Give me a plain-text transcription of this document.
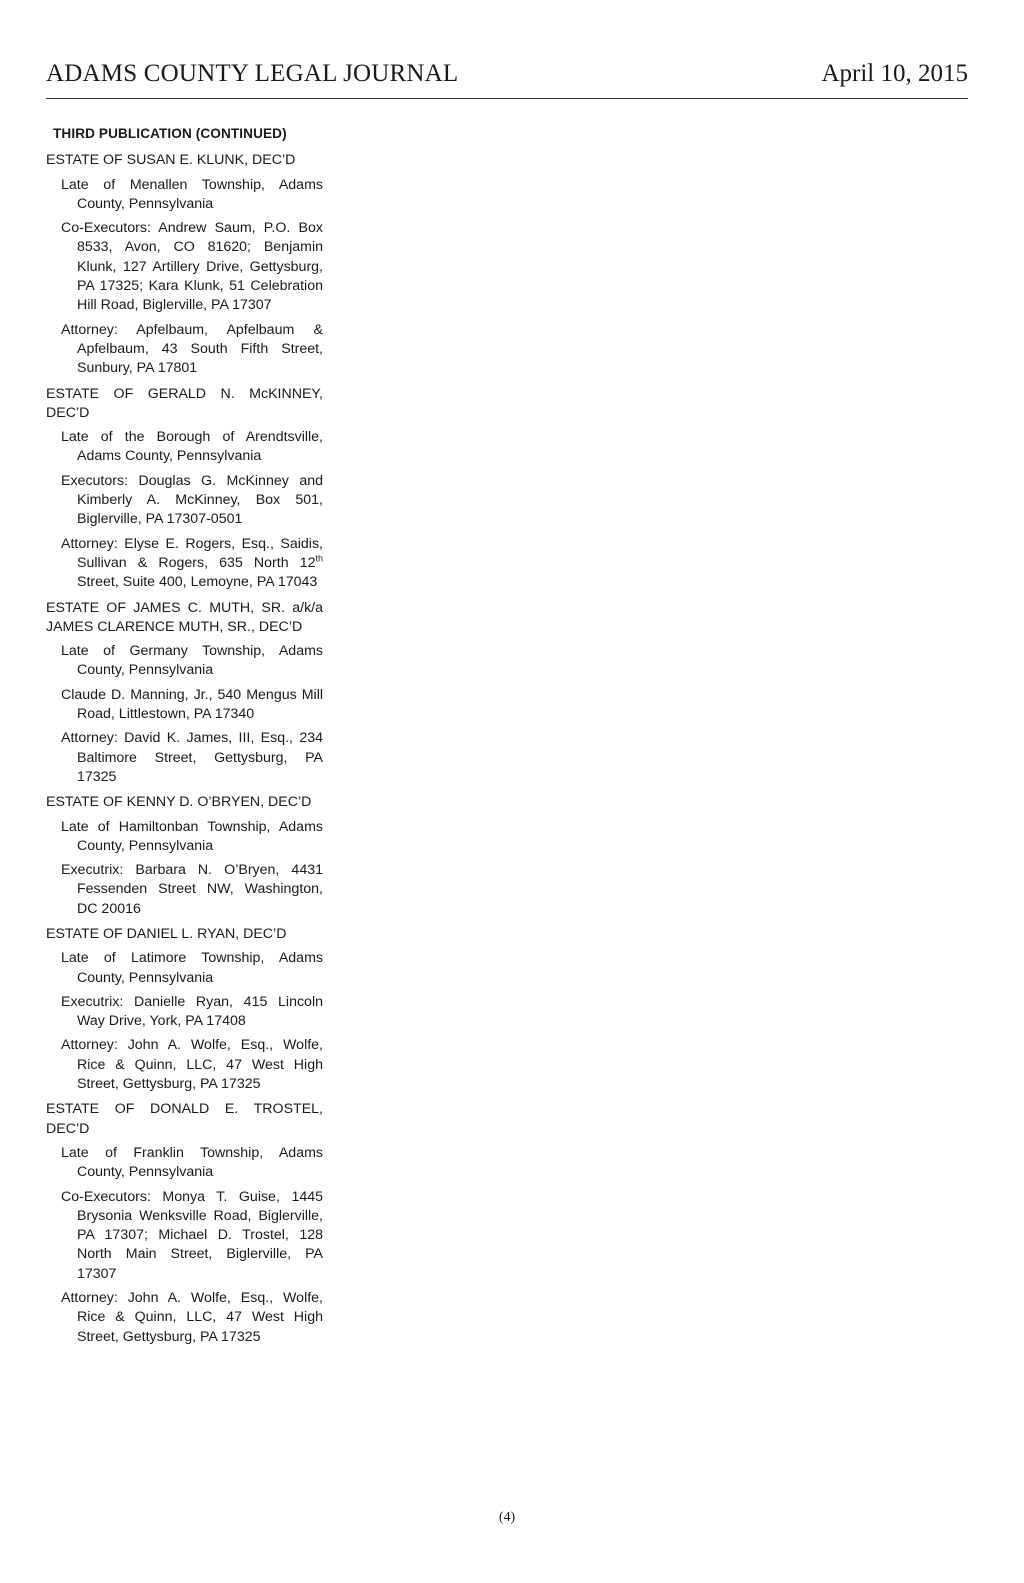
ADAMS COUNTY LEGAL JOURNAL	April 10, 2015
THIRD PUBLICATION (CONTINUED)
ESTATE OF SUSAN E. KLUNK, DEC’D
Late of Menallen Township, Adams County, Pennsylvania
Co-Executors: Andrew Saum, P.O. Box 8533, Avon, CO 81620; Benjamin Klunk, 127 Artillery Drive, Gettysburg, PA 17325; Kara Klunk, 51 Celebration Hill Road, Biglerville, PA 17307
Attorney: Apfelbaum, Apfelbaum & Apfelbaum, 43 South Fifth Street, Sunbury, PA 17801
ESTATE OF GERALD N. McKINNEY, DEC’D
Late of the Borough of Arendtsville, Adams County, Pennsylvania
Executors: Douglas G. McKinney and Kimberly A. McKinney, Box 501, Biglerville, PA 17307-0501
Attorney: Elyse E. Rogers, Esq., Saidis, Sullivan & Rogers, 635 North 12th Street, Suite 400, Lemoyne, PA 17043
ESTATE OF JAMES C. MUTH, SR. a/k/a JAMES CLARENCE MUTH, SR., DEC’D
Late of Germany Township, Adams County, Pennsylvania
Claude D. Manning, Jr., 540 Mengus Mill Road, Littlestown, PA 17340
Attorney: David K. James, III, Esq., 234 Baltimore Street, Gettysburg, PA 17325
ESTATE OF KENNY D. O’BRYEN, DEC’D
Late of Hamiltonban Township, Adams County, Pennsylvania
Executrix: Barbara N. O’Bryen, 4431 Fessenden Street NW, Washington, DC 20016
ESTATE OF DANIEL L. RYAN, DEC’D
Late of Latimore Township, Adams County, Pennsylvania
Executrix: Danielle Ryan, 415 Lincoln Way Drive, York, PA 17408
Attorney: John A. Wolfe, Esq., Wolfe, Rice & Quinn, LLC, 47 West High Street, Gettysburg, PA 17325
ESTATE OF DONALD E. TROSTEL, DEC’D
Late of Franklin Township, Adams County, Pennsylvania
Co-Executors: Monya T. Guise, 1445 Brysonia Wenksville Road, Biglerville, PA 17307; Michael D. Trostel, 128 North Main Street, Biglerville, PA 17307
Attorney: John A. Wolfe, Esq., Wolfe, Rice & Quinn, LLC, 47 West High Street, Gettysburg, PA 17325
(4)
